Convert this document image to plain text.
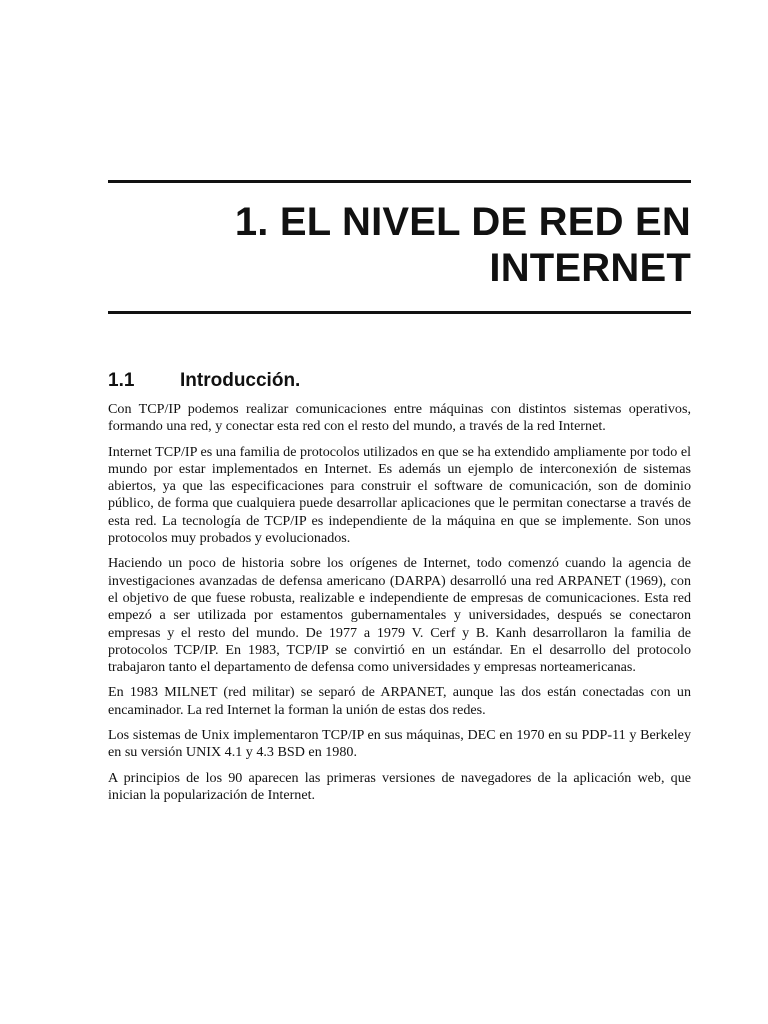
1. EL NIVEL DE RED EN
INTERNET
1.1 Introducción.

Con TCP/IP podemos realizar comunicaciones entre máquinas con distintos sistemas operativos, formando una red, y conectar esta red con el resto del mundo, a través de la red Internet.

Internet TCP/IP es una familia de protocolos utilizados en que se ha extendido ampliamente por todo el mundo por estar implementados en Internet. Es además un ejemplo de interconexión de sistemas abiertos, ya que las especificaciones para construir el software de comunicación, son de dominio público, de forma que cualquiera puede desarrollar aplicaciones que le permitan conectarse a través de esta red. La tecnología de TCP/IP es independiente de la máquina en que se implemente. Son unos protocolos muy probados y evolucionados.

Haciendo un poco de historia sobre los orígenes de Internet, todo comenzó cuando la agencia de investigaciones avanzadas de defensa americano (DARPA) desarrolló una red ARPANET (1969), con el objetivo de que fuese robusta, realizable e independiente de empresas de comunicaciones. Esta red empezó a ser utilizada por estamentos gubernamentales y universidades, después se conectaron empresas y el resto del mundo. De 1977 a 1979 V. Cerf y B. Kanh desarrollaron la familia de protocolos TCP/IP. En 1983, TCP/IP se convirtió en un estándar. En el desarrollo del protocolo trabajaron tanto el departamento de defensa como universidades y empresas norteamericanas.

En 1983 MILNET (red militar) se separó de ARPANET, aunque las dos están conectadas con un encaminador. La red Internet la forman la unión de estas dos redes.

Los sistemas de Unix implementaron TCP/IP en sus máquinas, DEC en 1970 en su PDP-11 y Berkeley en su versión UNIX 4.1 y 4.3 BSD en 1980.

A principios de los 90 aparecen las primeras versiones de navegadores de la aplicación web, que inician la popularización de Internet.
